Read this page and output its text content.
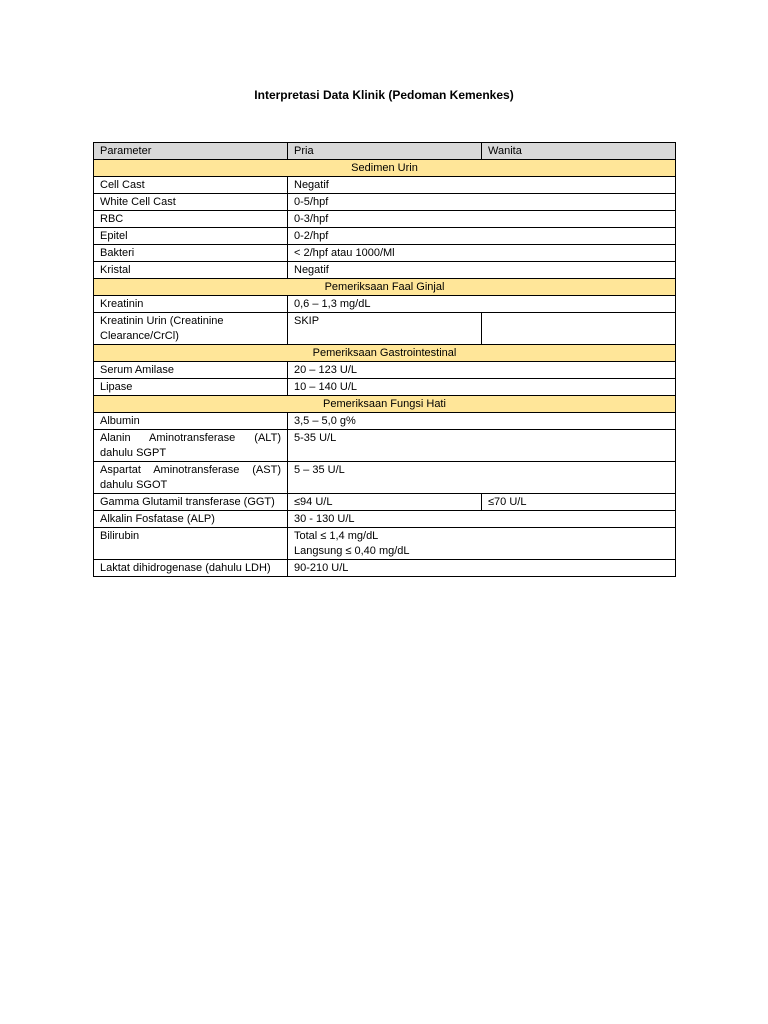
Interpretasi Data Klinik (Pedoman Kemenkes)
Parameter	Pria	Wanita
Sedimen Urin		
Cell Cast	Negatif	
White Cell Cast	0-5/hpf	
RBC	0-3/hpf	
Epitel	0-2/hpf	
Bakteri	< 2/hpf atau 1000/Ml	
Kristal	Negatif	
Pemeriksaan Faal Ginjal		
Kreatinin	0,6 – 1,3 mg/dL	
Kreatinin Urin (Creatinine Clearance/CrCl)	SKIP	
Pemeriksaan Gastrointestinal		
Serum Amilase	20 – 123 U/L	
Lipase	10 – 140 U/L	
Pemeriksaan Fungsi Hati		
Albumin	3,5 – 5,0 g%	
Alanin Aminotransferase (ALT) dahulu SGPT	5-35 U/L	
Aspartat Aminotransferase (AST) dahulu SGOT	5 – 35 U/L	
Gamma Glutamil transferase (GGT)	≤94 U/L	≤70 U/L
Alkalin Fosfatase (ALP)	30 - 130 U/L	
Bilirubin	Total ≤ 1,4 mg/dL
Langsung ≤ 0,40 mg/dL	

Laktat dihidrogenase (dahulu LDH)	90-210 U/L	
